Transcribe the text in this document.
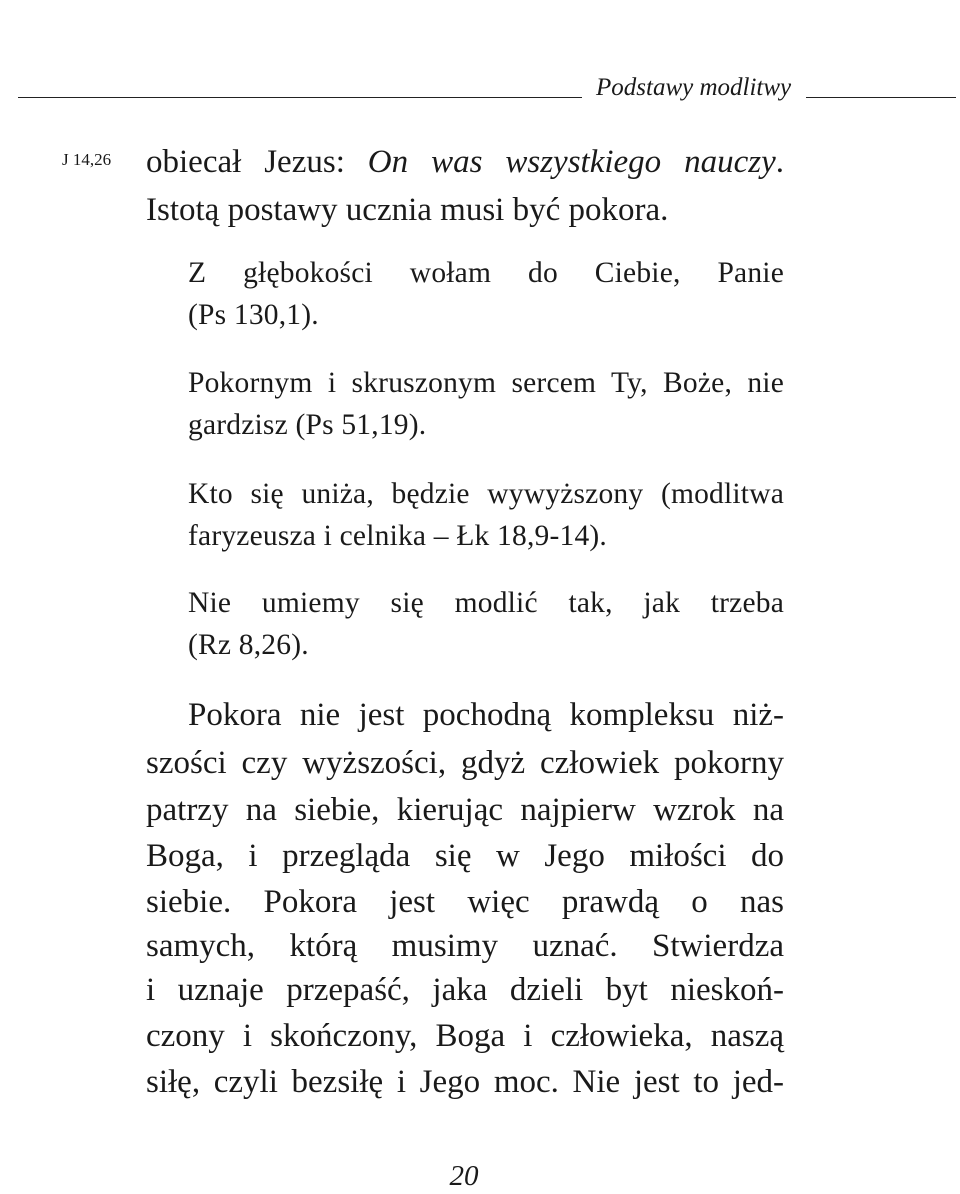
Podstawy modlitwy
J 14,26 obiecał Jezus: On was wszystkiego nauczy.
Istotą postawy ucznia musi być pokora.
Z głębokości wołam do Ciebie, Panie
(Ps 130,1).
Pokornym i skruszonym sercem Ty, Boże, nie
gardzisz (Ps 51,19).
Kto się uniża, będzie wywyższony (modlitwa
faryzeusza i celnika – Łk 18,9-14).
Nie umiemy się modlić tak, jak trzeba
(Rz 8,26).
Pokora nie jest pochodną kompleksu niż-
szości czy wyższości, gdyż człowiek pokorny
patrzy na siebie, kierując najpierw wzrok na
Boga, i przegląda się w Jego miłości do
siebie. Pokora jest więc prawdą o nas
samych, którą musimy uznać. Stwierdza
i uznaje przepaść, jaka dzieli byt nieskoń-
czony i skończony, Boga i człowieka, naszą
siłę, czyli bezsiłę i Jego moc. Nie jest to jed-
20
